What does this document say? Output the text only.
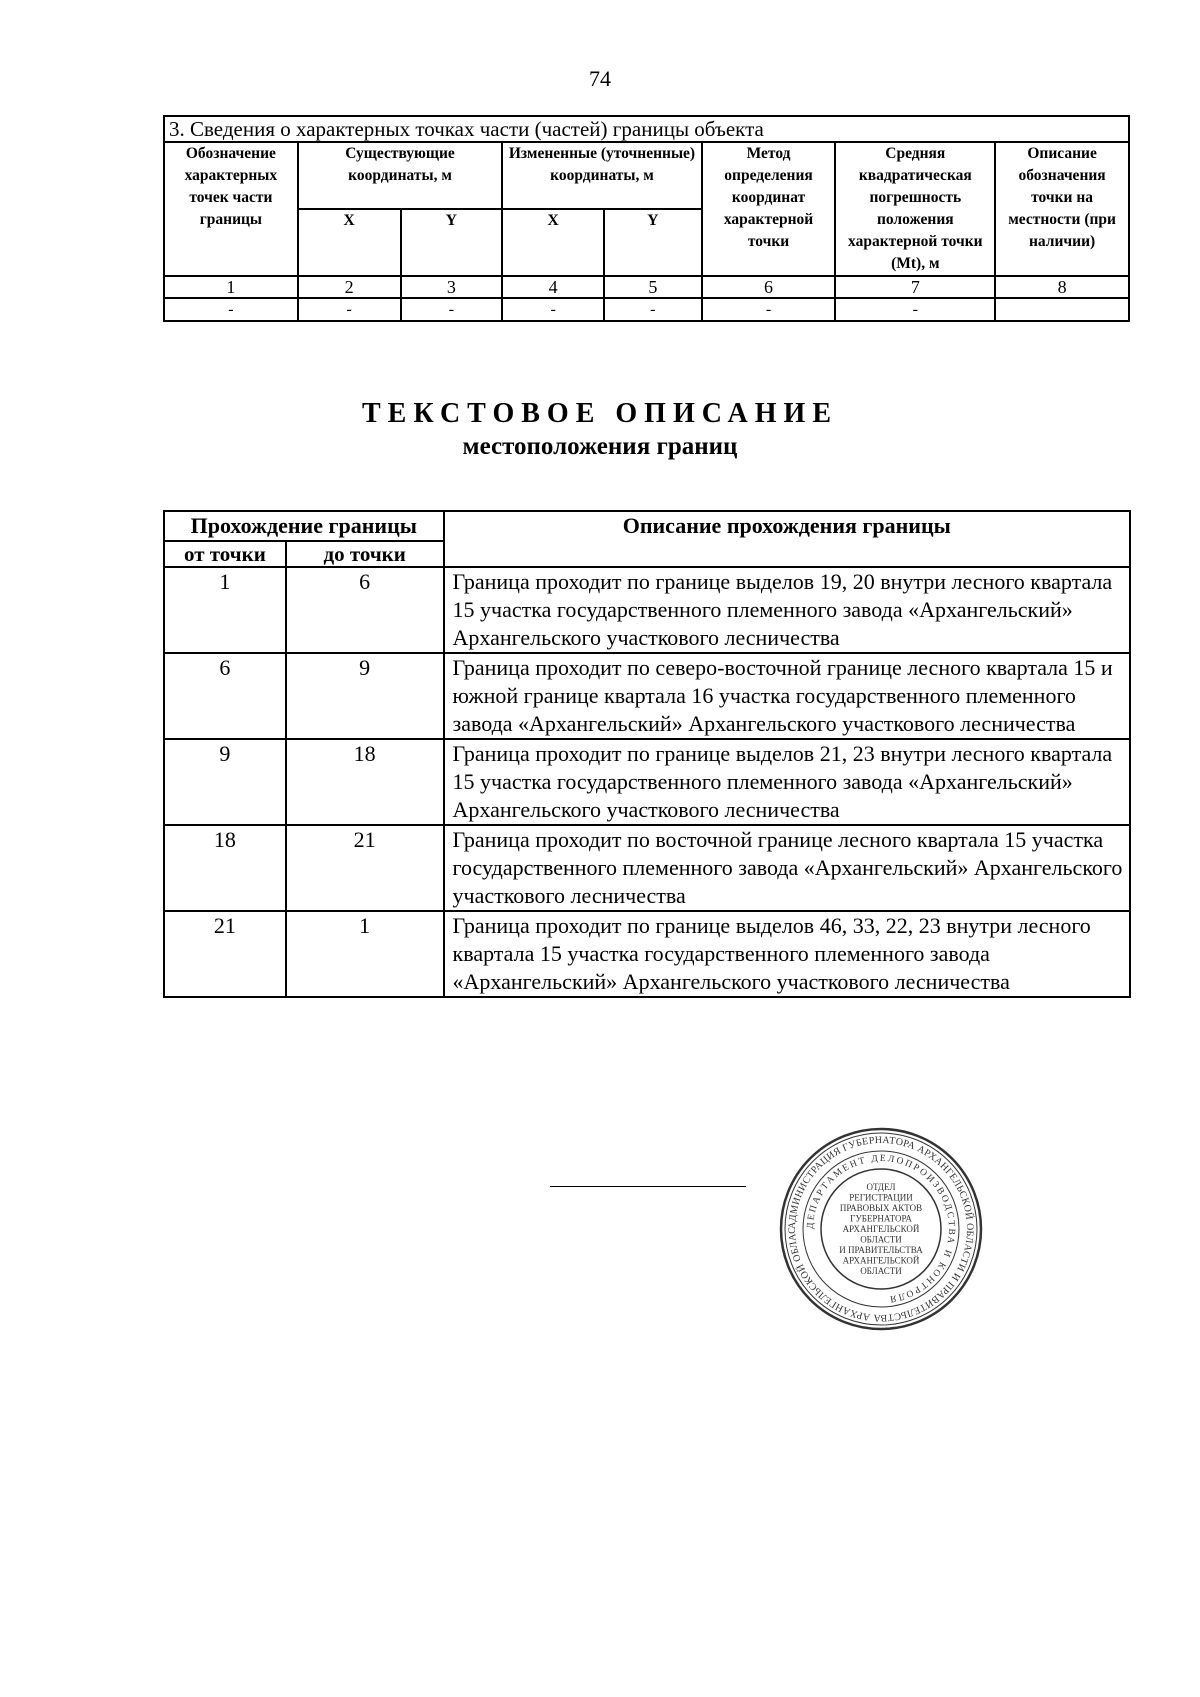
74
3. Сведения о характерных точках части (частей) границы объекта							
Обозначение характерных точек части границы	Существующие координаты, м		Измененные (уточненные) координаты, м		Метод определения координат характерной точки	Средняя квадратическая погрешность положения характерной точки (Mt), м	Описание обозначения точки на местности (при наличии)
	X	Y	X	Y			
1	2	3	4	5	6	7	8
-	-	-	-	-	-	-	
ТЕКСТОВОЕ ОПИСАНИЕ
местоположения границ
Прохождение границы		Описание прохождения границы
от точки	до точки	
1	6	Граница проходит по границе выделов 19, 20 внутри лесного квартала 15 участка государственного племенного завода «Архангельский» Архангельского участкового лесничества
6	9	Граница проходит по северо-восточной границе лесного квартала 15 и южной границе квартала 16 участка государственного племенного завода «Архангельский» Архангельского участкового лесничества
9	18	Граница проходит по границе выделов 21, 23 внутри лесного квартала 15 участка государственного племенного завода «Архангельский» Архангельского участкового лесничества
18	21	Граница проходит по восточной границе лесного квартала 15 участка государственного племенного завода «Архангельский» Архангельского участкового лесничества
21	1	Граница проходит по границе выделов 46, 33, 22, 23 внутри лесного квартала 15 участка государственного племенного завода «Архангельский» Архангельского участкового лесничества
АДМИНИСТРАЦИЯ ГУБЕРНАТОРА АРХАНГЕЛЬСКОЙ ОБЛАСТИ И ПРАВИТЕЛЬСТВА АРХАНГЕЛЬСКОЙ ОБЛАС
ДЕПАРТАМЕНТ ДЕЛОПРОИЗВОДСТВА И КОНТРОЛЯ
ОТДЕЛ
РЕГИСТРАЦИИ
ПРАВОВЫХ АКТОВ
ГУБЕРНАТОРА
АРХАНГЕЛЬСКОЙ
ОБЛАСТИ
И ПРАВИТЕЛЬСТВА
АРХАНГЕЛЬСКОЙ
ОБЛАСТИ
